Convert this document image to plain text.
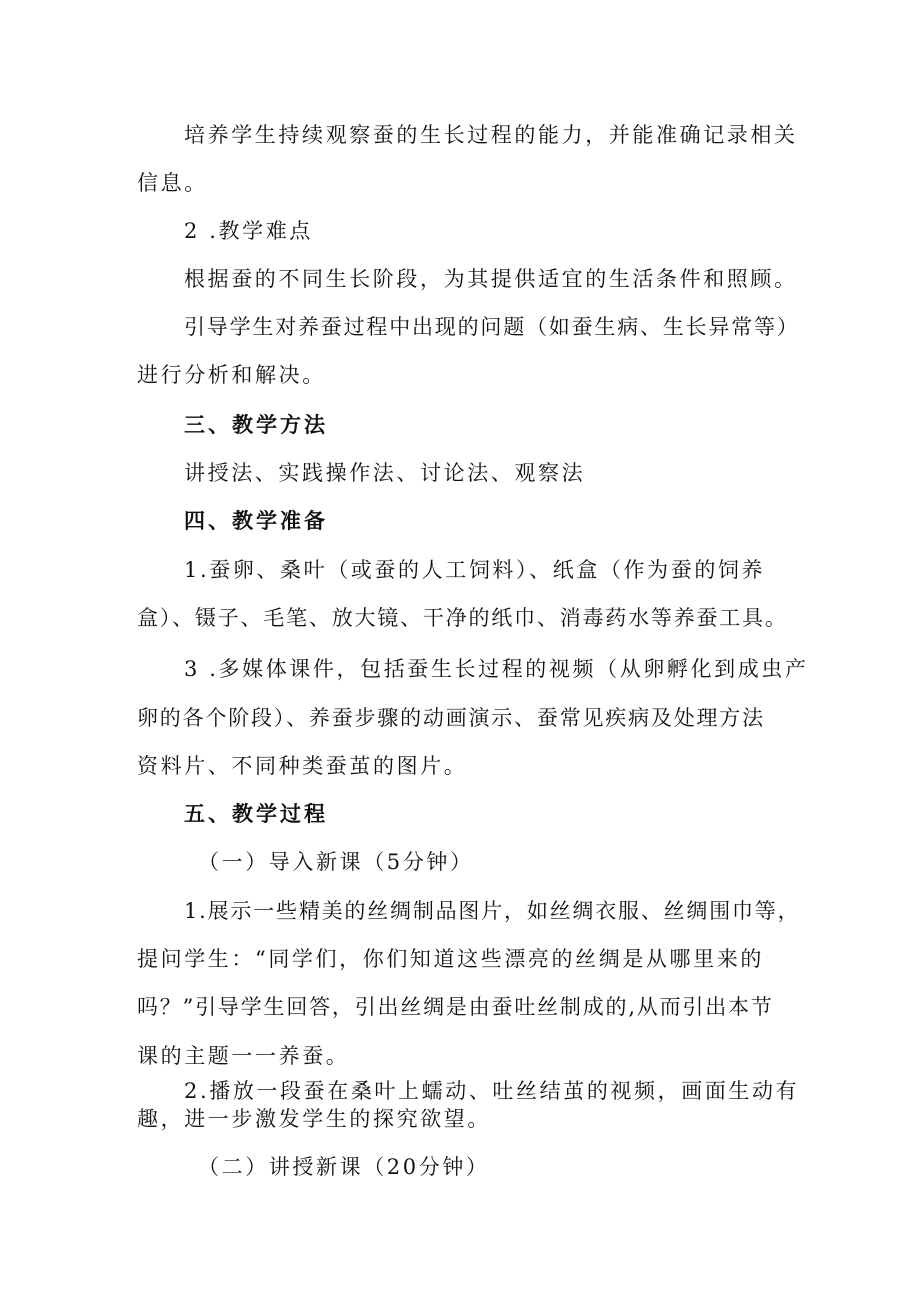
培养学生持续观察蚕的生长过程的能力，并能准确记录相关
信息。
2 .教学难点
根据蚕的不同生长阶段，为其提供适宜的生活条件和照顾。
引导学生对养蚕过程中出现的问题（如蚕生病、生长异常等）
进行分析和解决。
三、教学方法
讲授法、实践操作法、讨论法、观察法
四、教学准备
1.蚕卵、桑叶（或蚕的人工饲料）、纸盒（作为蚕的饲养
盒）、镊子、毛笔、放大镜、干净的纸巾、消毒药水等养蚕工具。
3 .多媒体课件，包括蚕生长过程的视频（从卵孵化到成虫产
卵的各个阶段）、养蚕步骤的动画演示、蚕常见疾病及处理方法
资料片、不同种类蚕茧的图片。
五、教学过程
（一）导入新课（5分钟）
1.展示一些精美的丝绸制品图片，如丝绸衣服、丝绸围巾等，
提问学生：“同学们，你们知道这些漂亮的丝绸是从哪里来的
吗？”引导学生回答，引出丝绸是由蚕吐丝制成的,从而引出本节
课的主题一一养蚕。
2.播放一段蚕在桑叶上蠕动、吐丝结茧的视频，画面生动有
趣，进一步激发学生的探究欲望。
（二）讲授新课（20分钟）
